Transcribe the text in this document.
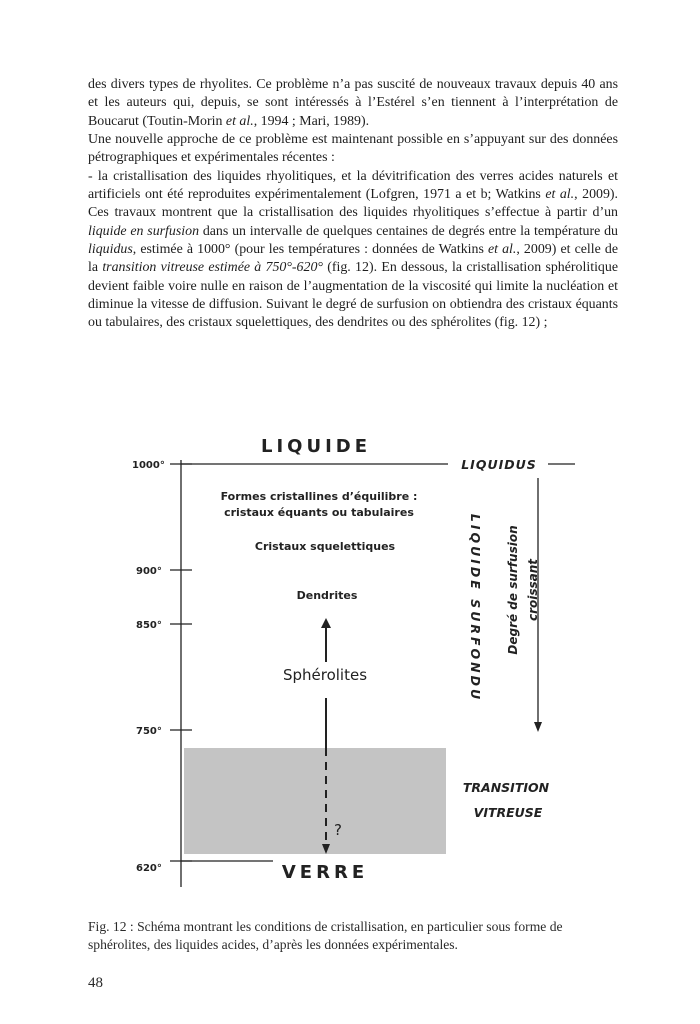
des divers types de rhyolites. Ce problème n’a pas suscité de nouveaux travaux depuis 40 ans et les auteurs qui, depuis, se sont intéressés à l’Estérel s’en tiennent à l’interprétation de Boucarut (Toutin-Morin et al., 1994 ; Mari, 1989).

Une nouvelle approche de ce problème est maintenant possible en s’appuyant sur des données pétrographiques et expérimentales récentes :

- la cristallisation des liquides rhyolitiques, et la dévitrification des verres acides naturels et artificiels ont été reproduites expérimentalement (Lofgren, 1971 a et b; Watkins et al., 2009). Ces travaux montrent que la cristallisation des liquides rhyolitiques s’effectue à partir d’un liquide en surfusion dans un intervalle de quelques centaines de degrés entre la température du liquidus, estimée à 1000° (pour les températures : données de Watkins et al., 2009) et celle de la transition vitreuse estimée à 750°-620° (fig. 12). En dessous, la cristallisation sphérolitique devient faible voire nulle en raison de l’augmentation de la viscosité qui limite la nucléation et diminue la vitesse de diffusion. Suivant le degré de surfusion on obtiendra des cristaux équants ou tabulaires, des cristaux squelettiques, des dendrites ou des sphérolites (fig. 12) ;

1000°
900°
850°
750°
620°
LIQUIDE
VERRE
LIQUIDUS
Formes cristallines d’équilibre :
cristaux équants ou tabulaires
Cristaux squelettiques
Dendrites
Sphérolites
?
LIQUIDE SURFONDU Degré de surfusion croissant
TRANSITION
VITREUSE
Fig. 12 : Schéma montrant les conditions de cristallisation, en particulier sous forme de sphérolites, des liquides acides, d’après les données expérimentales.
48
